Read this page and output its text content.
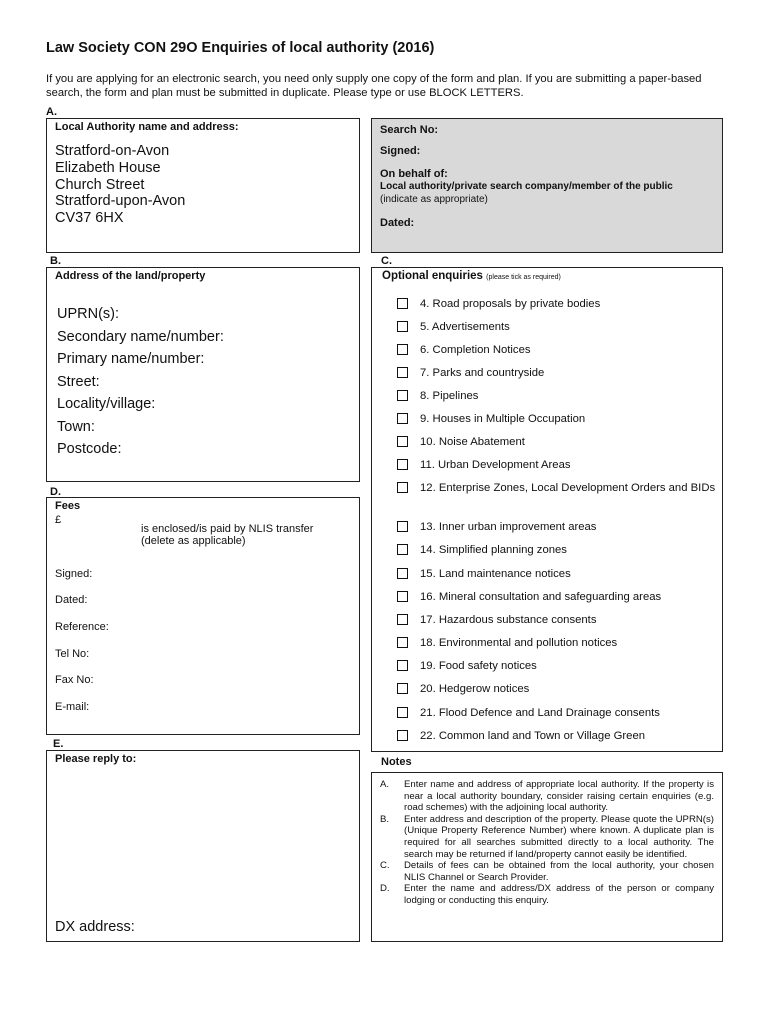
Law Society CON 29O Enquiries of local authority (2016)
If you are applying for an electronic search, you need only supply one copy of the form and plan. If you are submitting a paper-based search, the form and plan must be submitted in duplicate. Please type or use BLOCK LETTERS.
A.
Local Authority name and address:
Stratford-on-Avon
Elizabeth House
Church Street
Stratford-upon-Avon
CV37 6HX
Search No:
Signed:
On behalf of:
Local authority/private search company/member of the public
(indicate as appropriate)
Dated:
B.
Address of the land/property
UPRN(s):
Secondary name/number:
Primary name/number:
Street:
Locality/village:
Town:
Postcode:
C.
Optional enquiries (please tick as required)
4. Road proposals by private bodies
5. Advertisements
6. Completion Notices
7. Parks and countryside
8. Pipelines
9. Houses in Multiple Occupation
10. Noise Abatement
11. Urban Development Areas
12. Enterprise Zones, Local Development Orders and BIDs
13. Inner urban improvement areas
14. Simplified planning zones
15. Land maintenance notices
16. Mineral consultation and safeguarding areas
17. Hazardous substance consents
18. Environmental and pollution notices
19. Food safety notices
20. Hedgerow notices
21. Flood Defence and Land Drainage consents
22. Common land and Town or Village Green
D.
Fees
£
is enclosed/is paid by NLIS transfer
(delete as applicable)
Signed:
Dated:
Reference:
Tel No:
Fax No:
E-mail:
E.
Please reply to:
DX address:
Notes
A.	Enter name and address of appropriate local authority. If the property is near a local authority boundary, consider raising certain enquiries (e.g. road schemes) with the adjoining local authority.
B.	Enter address and description of the property. Please quote the UPRN(s) (Unique Property Reference Number) where known. A duplicate plan is required for all searches submitted directly to a local authority. The search may be returned if land/property cannot easily be identified.
C.	Details of fees can be obtained from the local authority, your chosen NLIS Channel or Search Provider.
D.	Enter the name and address/DX address of the person or company lodging or conducting this enquiry.
